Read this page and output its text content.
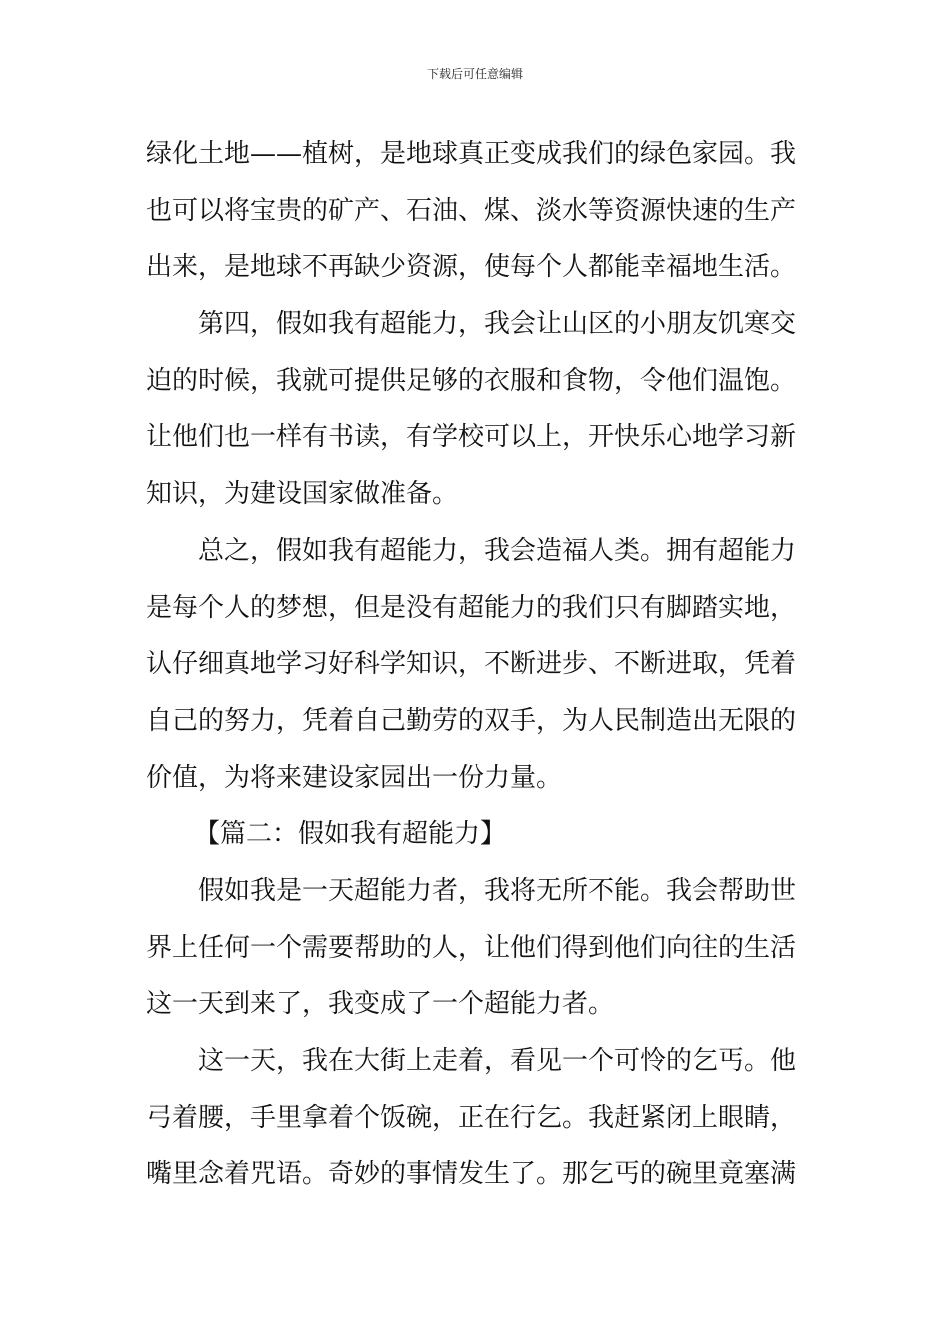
下载后可任意编辑
绿化土地——植树，是地球真正变成我们的绿色家园。我
也可以将宝贵的矿产、石油、煤、淡水等资源快速的生产
出来，是地球不再缺少资源，使每个人都能幸福地生活。
第四，假如我有超能力，我会让山区的小朋友饥寒交
迫的时候，我就可提供足够的衣服和食物，令他们温饱。
让他们也一样有书读，有学校可以上，开快乐心地学习新
知识，为建设国家做准备。
总之，假如我有超能力，我会造福人类。拥有超能力
是每个人的梦想，但是没有超能力的我们只有脚踏实地，
认仔细真地学习好科学知识，不断进步、不断进取，凭着
自己的努力，凭着自己勤劳的双手，为人民制造出无限的
价值，为将来建设家园出一份力量。
【篇二：假如我有超能力】
假如我是一天超能力者，我将无所不能。我会帮助世
界上任何一个需要帮助的人，让他们得到他们向往的生活
这一天到来了，我变成了一个超能力者。
这一天，我在大街上走着，看见一个可怜的乞丐。他
弓着腰，手里拿着个饭碗，正在行乞。我赶紧闭上眼睛，
嘴里念着咒语。奇妙的事情发生了。那乞丐的碗里竟塞满
